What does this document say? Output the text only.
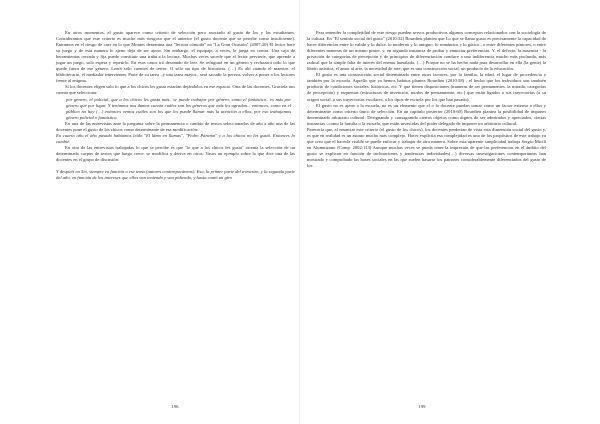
En otros momentos, el gusto aparece como criterio de selección pero asociado al gusto de los y las estudiantes. Consideramos que este criterio es mucho más riesgoso que el anterior (el gusto docente que se percibe como insuficiente). Entramos en el riesgo de caer en lo que Montes denomina una "lectura cómoda" en "La Gran Ocasión" (2007:20) El lector hace su juego y de esta manera lo ajeno deja de ser ajeno. Sin embargo, el equipaje, a veces, le juega en contra. Una caja de herramientas cerrada y fija puede constituir una traba a la lectura. Muchas veces sucede que el lector pervierte, que aprende a jugar un juego, solo espera y repetirlo. En esos casos irá deseando de leer. Se refugiará en un género y rechazará todo lo que quede fuera de ese género. Leerá sólo cuentos de terror. O sólo un tipo de historieta. (…) Es ahí cuando el maestro, el bibliotecario, el mediador intervienen. Parte de su tarea –y una tarea mayor– será sacudir la pereza, volver a poner a los lectores frente al enigma.

Si los docentes eligen solo lo que a los chicos les gusta estarían dejándolos en ese espacio. Otra de las docentes, Graciela nos cuenta que selecciona:

por género, el policial, que a los chicos les gusta más.. se puede trabajar por género, como el fantástico.. es más por género que por lugar. Y teníamos nos damos cuenta cuáles son los géneros que más les agradan... entonces, como en el público no hay (…) entonces vemos cuáles son los que les puede llamar más la atención a ellos, por eso trabajamos género policial o fantástico.

En una de las entrevistas ante la pregunta sobre la permanencia o cambio de textos seleccionados de año a año una de las docentes pone el gusto de los chicos como determinante de esa modificación:

En cuarto año el año pasado habíamos leído "El lámo en llamas", "Pedro Páramo" y a los chicos no les gustó. Entonces lo cambié.

En otra de las entrevistas trabajadas lo que se percibe es que "lo que a los chicos les gusta" orienta la selección de un determinado corpus de textos que luego crece, se modifica y deriva en otros. Vasos un ejemplo sobre lo que dice una de las docentes en el grupo de discusión:

Y después en 5to, siempre en función a ese tema (autores contemporáneos). Eso, la primer parte del trimestre, y la segunda parte del año, en función de los intereses que ellos van teniendo y van pidiendo, y hasta comó un giro

Para entender la complejidad de este riesgo pueden servos productivos algunos conceptos relacionados con la sociología de la cultura. En "El sentido social del gusto" (2010:32) Bourdieu plantea que Lo que se llama gusto es precisamente la capacidad de hacer diferencias entre lo valido y lo dulce, lo moderno y lo antiguo, lo romántico y lo gótico , o entre diferentes pintores, o entre diferentes maneras de un mismo pintor, y, en segunda instancia de probar y enunciar preferencias. Y, el defecto, la ausencia - la privación de categorías de percepción y de principios de diferenciación conduce a una indiferencia mucho más profunda, más radical que la simple falta de interés del enemu humilado. (…) Porque no se ha hecho nada para desarrollar en ella (la gente) la libido artística, el amor al arte, la necesidad de arte, que es una construcción social, un producto de la educación.

El gusto es una construcción social determinada entre otros factores, por la familia, la edad, el lugar de procedencia y también por la escuela. Aquello que ya hemos habitus plantea Bourdieu (2010:38) , el hecho que los individuos son también producto de condiciones sociales, históricas, etc. Y que tienen disposiciones (maneras de ser permanentes, la mirada, categorías de percepción) y esquemas (estructuras de invención, modos de pensamiento, etc.) que están ligados a sus trayectorias (a su origen social, a sus trayectorias escolares, a los tipos de escuela por los que han pasado).

El gusto no es ajeno a la escuela, no es un elemento que el o la docente puedan tomar como un factor externo a ellos y determinante como criterio único de selección. En un capítulo posterior (2010:60) Bourdieu plantea la posibilidad de imponer determinado arbitrario cultural: Designando y consagrando ciertos objetos como dignos de ser admirados y apreciados, ciertas instancias –como la familia o la escuela, que están investidas del poder delegado de imponer un arbitrario cultural.

Parecería que, al enunciar este criterio (el gusto de los chicos), los docentes perderían de vista esta dimensión social del gusto y, es que en realidad es un asunto mucho más complejo. Hacer explícita esa complejidad es uno de los propósitos de este trabajo ya que creo que el hacerla visible se puede enfocar y trabajar de otra manera. Sobre esta aparente simplicidad trabaja Sergio Micili en Alumnizano (Comp. 2002:113) Aunque muchas veces se pueda tener la impresión de que las preferencias en el ámbito del gusto se explican en función de inclinaciones y tendencias individuales(…) diversas investigaciones contemporáneas han mostrado y comprobado las bases sociales en las que suelen basarse los patrones considerablemente diferenciados del gusto de los

196	199
